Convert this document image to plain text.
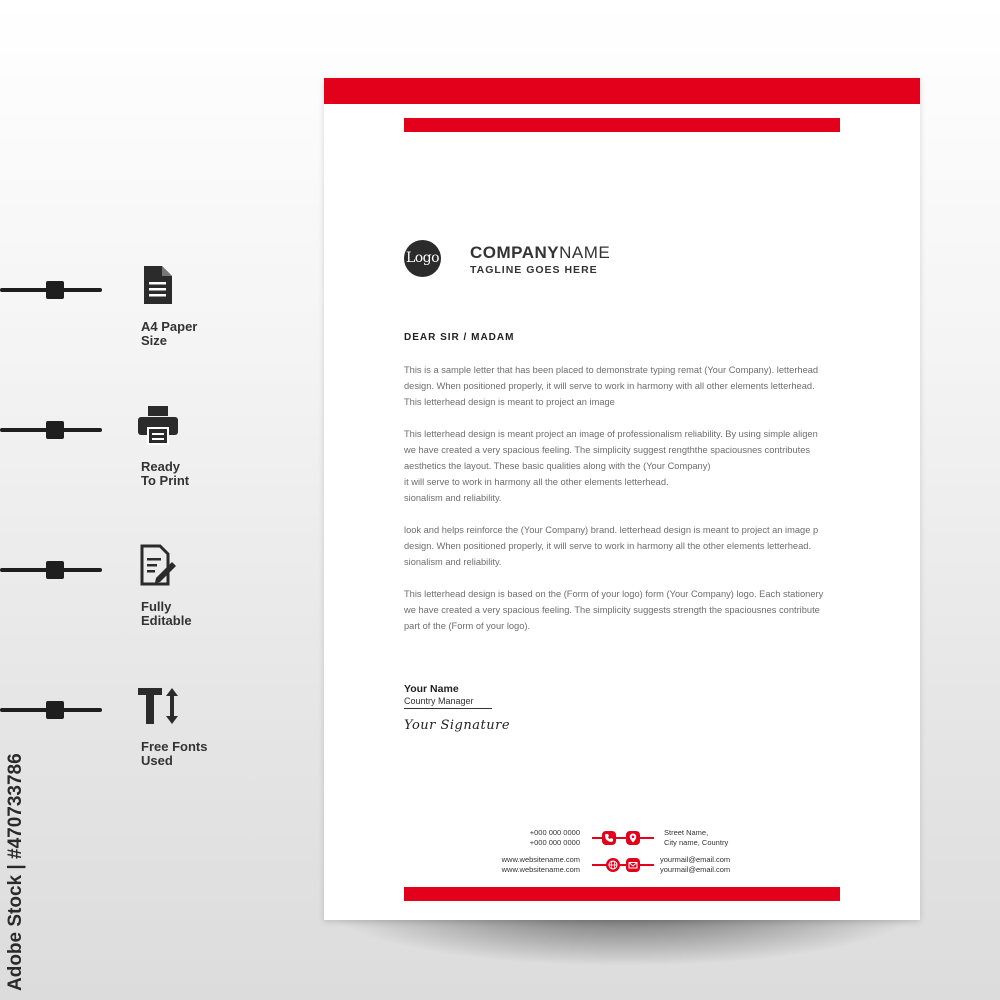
A4 Paper
Size
Ready
To Print
Fully
Editable
Free Fonts
Used
Adobe Stock | #470733786
Logo COMPANYNAME
TAGLINE GOES HERE
DEAR SIR / MADAM
This is a sample letter that has been placed to demonstrate typing remat (Your Company). letterhead
design. When positioned properly, it will serve to work in harmony with all other elements letterhead.
This letterhead design is meant to project an image
This letterhead design is meant project an image of professionalism reliability. By using simple aligen
we have created a very spacious feeling. The simplicity suggest rengththe spaciousnes contributes
aesthetics the layout. These basic qualities along with the (Your Company)
it will serve to work in harmony all the other elements letterhead.
sionalism and reliability.
look and helps reinforce the (Your Company) brand. letterhead design is meant to project an image p
design. When positioned properly, it will serve to work in harmony all the other elements letterhead.
sionalism and reliability.
This letterhead design is based on the (Form of your logo) form (Your Company) logo. Each stationery
we have created a very spacious feeling. The simplicity suggests strength the spaciousnes contribute
part of the (Form of your logo).
Your Name
Country Manager
Your Signature
+000 000 0000
+000 000 0000
www.websitename.com
www.websitename.com
Street Name,
City name, Country
yourmail@email.com
yourmail@email.com
